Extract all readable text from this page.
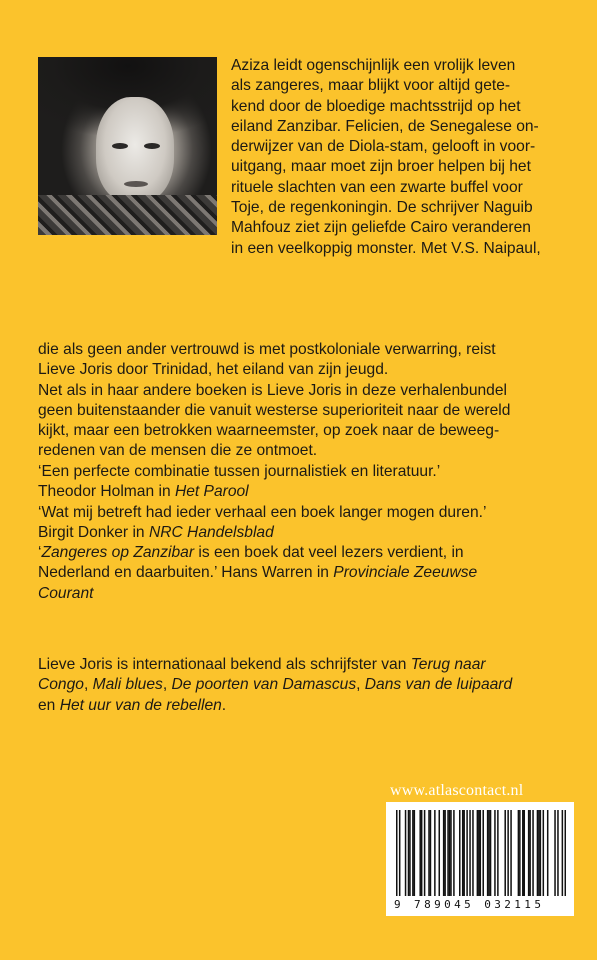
Aziza leidt ogenschijnlijk een vrolijk leven
als zangeres, maar blijkt voor altijd gete-
kend door de bloedige machtsstrijd op het
eiland Zanzibar. Felicien, de Senegalese on-
derwijzer van de Diola-stam, gelooft in voor-
uitgang, maar moet zijn broer helpen bij het
rituele slachten van een zwarte buffel voor
Toje, de regenkoningin. De schrijver Naguib
Mahfouz ziet zijn geliefde Cairo veranderen
in een veelkoppig monster. Met V.S. Naipaul,
die als geen ander vertrouwd is met postkoloniale verwarring, reist
Lieve Joris door Trinidad, het eiland van zijn jeugd.
Net als in haar andere boeken is Lieve Joris in deze verhalenbundel
geen buitenstaander die vanuit westerse superioriteit naar de wereld
kijkt, maar een betrokken waarneemster, op zoek naar de beweeg-
redenen van de mensen die ze ontmoet.
‘Een perfecte combinatie tussen journalistiek en literatuur.’
Theodor Holman in Het Parool
‘Wat mij betreft had ieder verhaal een boek langer mogen duren.’
Birgit Donker in NRC Handelsblad
‘Zangeres op Zanzibar is een boek dat veel lezers verdient, in
Nederland en daarbuiten.’ Hans Warren in Provinciale Zeeuwse
Courant
Lieve Joris is internationaal bekend als schrijfster van Terug naar
Congo, Mali blues, De poorten van Damascus, Dans van de luipaard
en Het uur van de rebellen.
www.atlascontact.nl
9 789045 032115
